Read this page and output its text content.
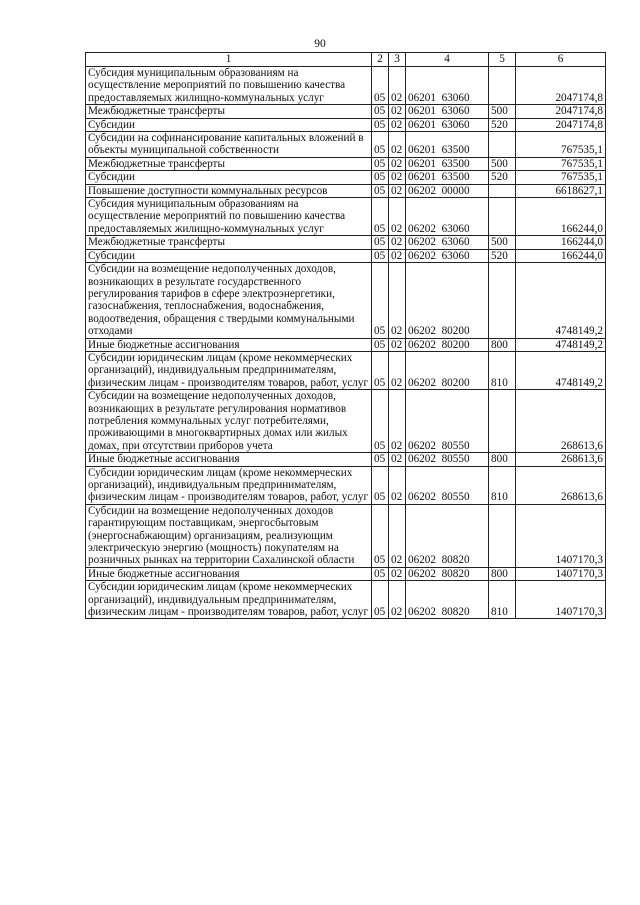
90
1	2	3	4	5	6
Субсидия муниципальным образованиям на осуществление мероприятий по повышению качества предоставляемых жилищно-коммунальных услуг	05	02	06201  63060		2047174,8
Межбюджетные трансферты	05	02	06201  63060	500	2047174,8
Субсидии	05	02	06201  63060	520	2047174,8
Субсидии на софинансирование капитальных вложений в объекты муниципальной собственности	05	02	06201  63500		767535,1
Межбюджетные трансферты	05	02	06201  63500	500	767535,1
Субсидии	05	02	06201  63500	520	767535,1
Повышение доступности коммунальных ресурсов	05	02	06202  00000		6618627,1
Субсидия муниципальным образованиям на осуществление мероприятий по повышению качества предоставляемых жилищно-коммунальных услуг	05	02	06202  63060		166244,0
Межбюджетные трансферты	05	02	06202  63060	500	166244,0
Субсидии	05	02	06202  63060	520	166244,0
Субсидии на возмещение недополученных доходов, возникающих в результате государственного регулирования тарифов в сфере электроэнергетики, газоснабжения, теплоснабжения, водоснабжения, водоотведения, обращения с твердыми коммунальными отходами	05	02	06202  80200		4748149,2
Иные бюджетные ассигнования	05	02	06202  80200	800	4748149,2
Субсидии юридическим лицам (кроме некоммерческих организаций), индивидуальным предпринимателям, физическим лицам - производителям товаров, работ, услуг	05	02	06202  80200	810	4748149,2
Субсидии на возмещение недополученных доходов, возникающих в результате регулирования нормативов потребления коммунальных услуг потребителями, проживающими в многоквартирных домах или жилых домах, при отсутствии приборов учета	05	02	06202  80550		268613,6
Иные бюджетные ассигнования	05	02	06202  80550	800	268613,6
Субсидии юридическим лицам (кроме некоммерческих организаций), индивидуальным предпринимателям, физическим лицам - производителям товаров, работ, услуг	05	02	06202  80550	810	268613,6
Субсидии на возмещение недополученных доходов гарантирующим поставщикам, энергосбытовым (энергоснабжающим) организациям, реализующим электрическую энергию (мощность) покупателям на розничных рынках на территории Сахалинской области	05	02	06202  80820		1407170,3
Иные бюджетные ассигнования	05	02	06202  80820	800	1407170,3
Субсидии юридическим лицам (кроме некоммерческих организаций), индивидуальным предпринимателям, физическим лицам - производителям товаров, работ, услуг	05	02	06202  80820	810	1407170,3
